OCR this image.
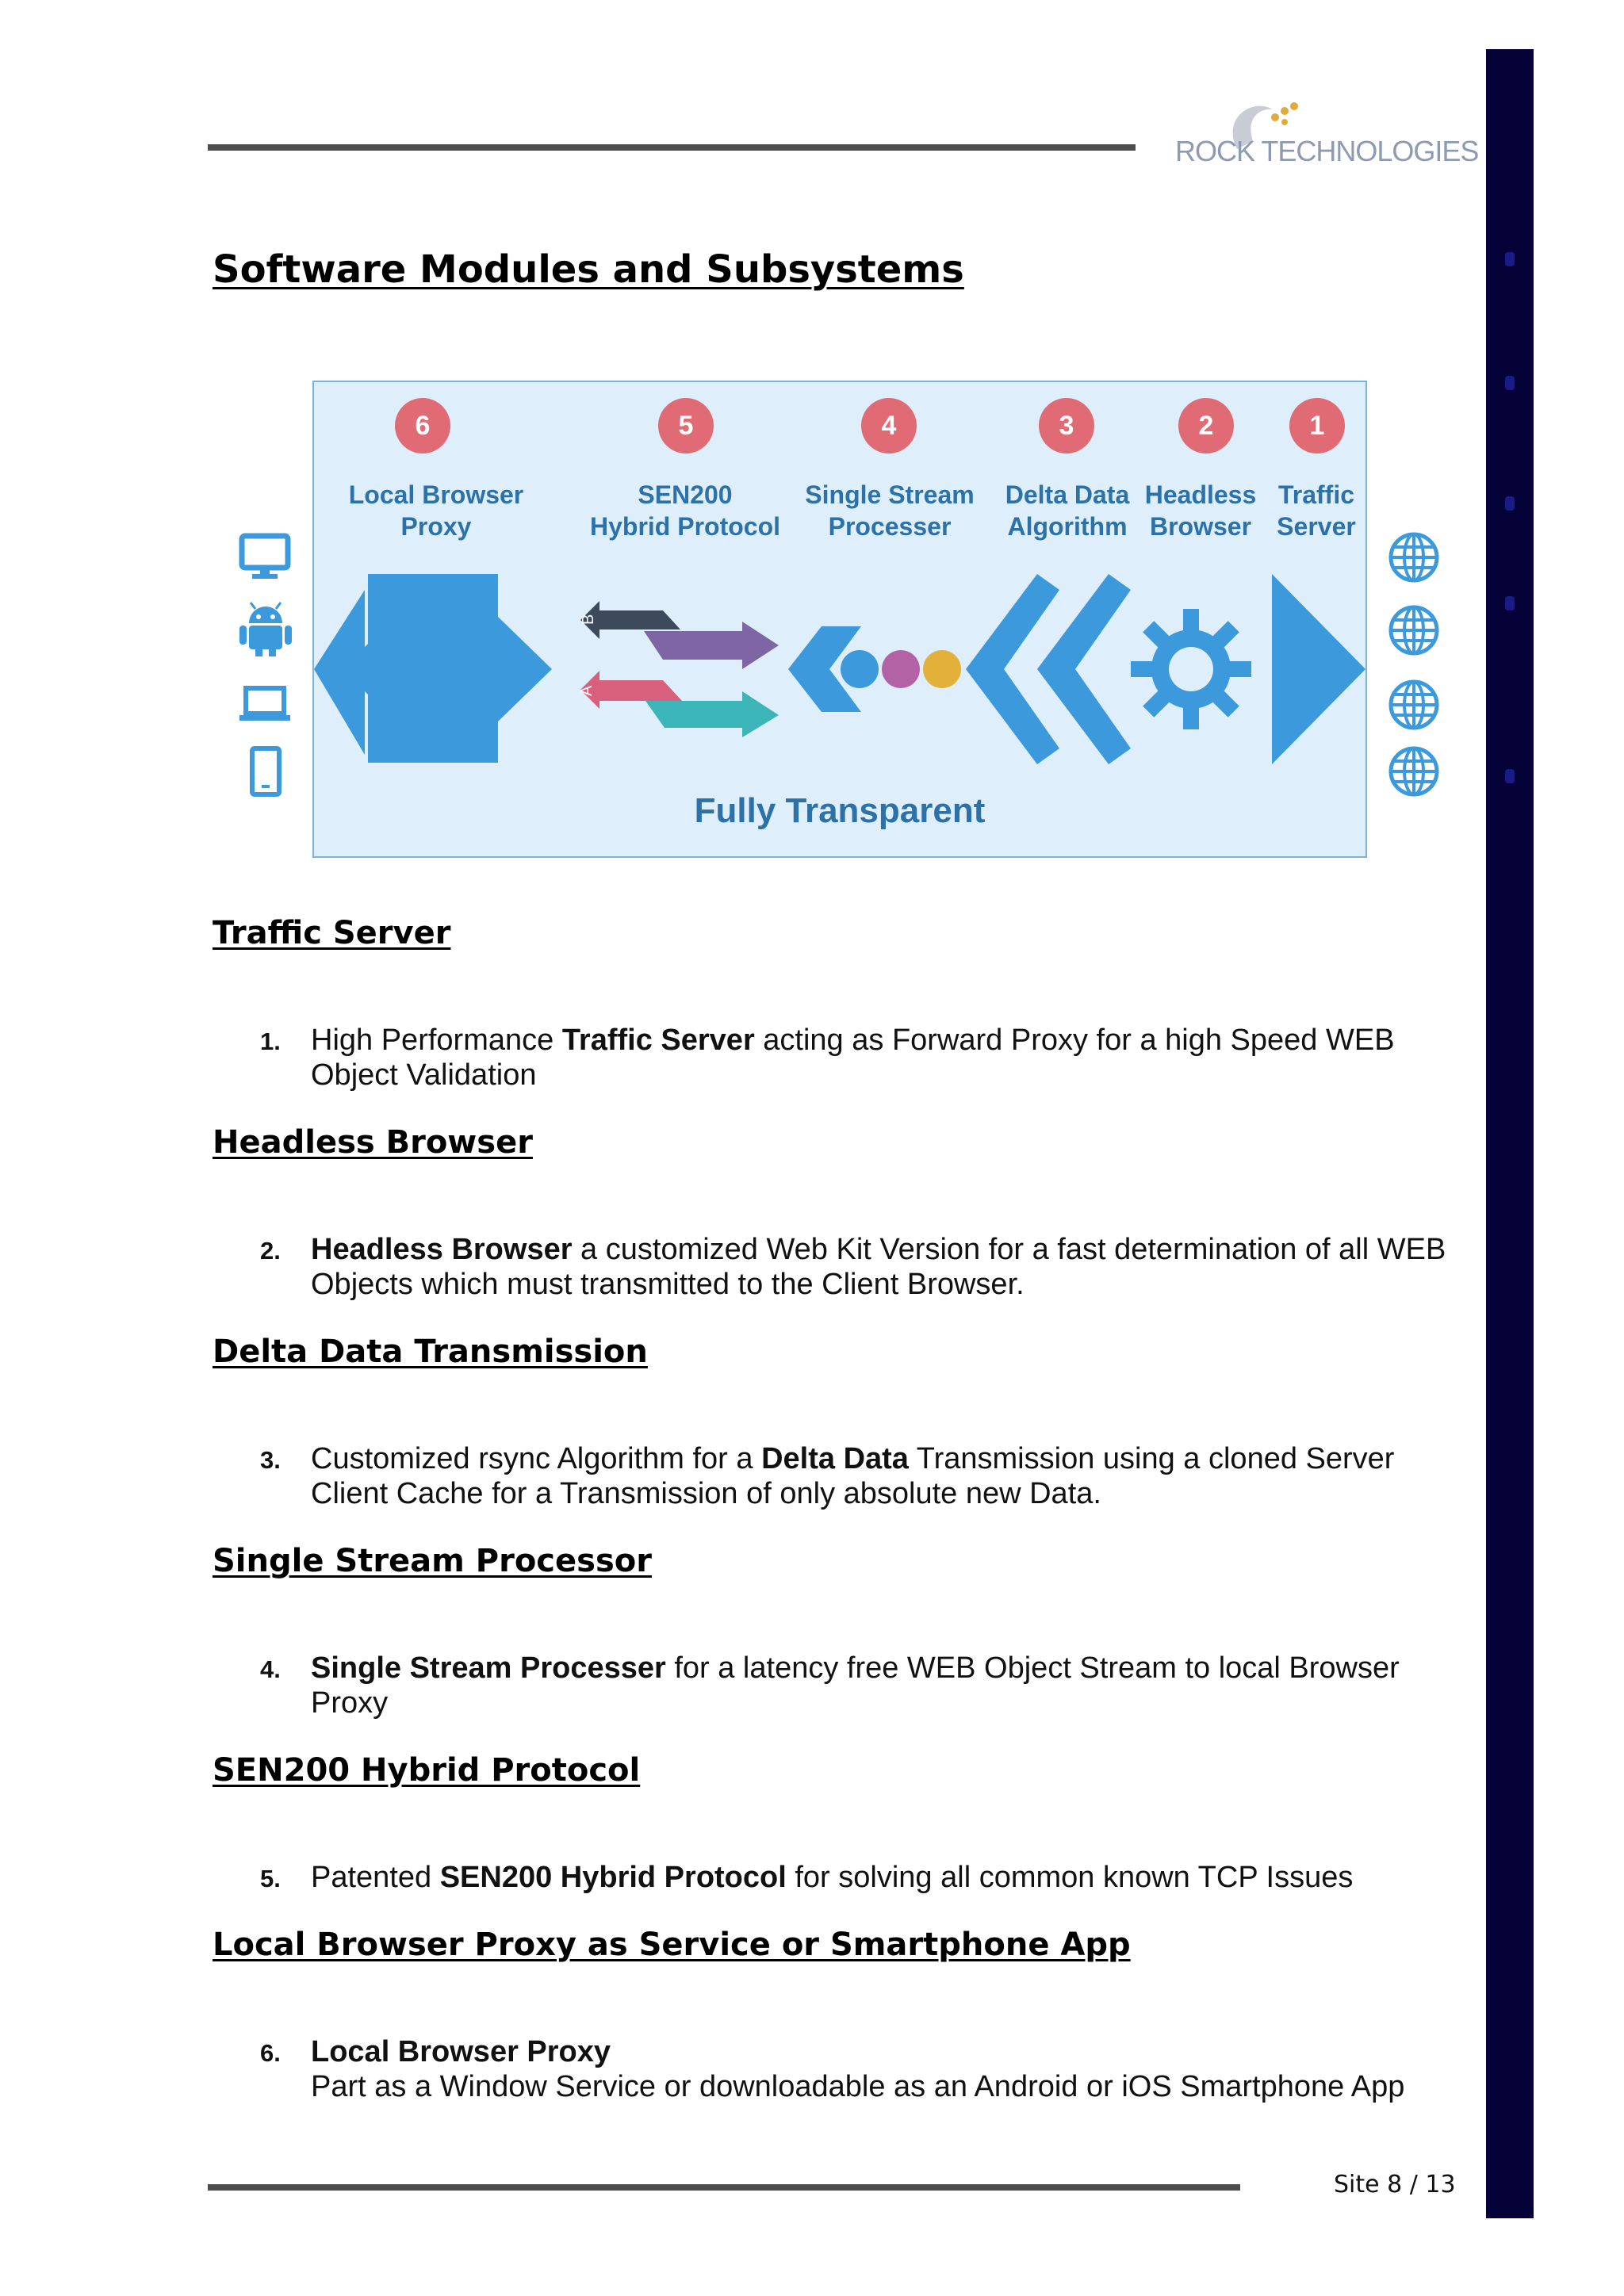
ROCK TECHNOLOGIES
Software Modules and Subsystems
B
A
6	5	4	3	2	1
Local Browser
Proxy
SEN200
Hybrid Protocol
Single Stream
Processer
Delta Data
Algorithm
Headless
Browser
Traffic
Server
Fully Transparent
Traffic Server
1. High Performance Traffic Server acting as Forward Proxy for a high Speed WEB Object Validation
Headless Browser
2. Headless Browser a customized Web Kit Version for a fast determination of all WEB Objects which must transmitted to the Client Browser.
Delta Data Transmission
3. Customized rsync Algorithm for a Delta Data Transmission using a cloned Server Client Cache for a Transmission of only absolute new Data.
Single Stream Processor
4. Single Stream Processer for a latency free WEB Object Stream to local Browser Proxy
SEN200 Hybrid Protocol
5. Patented SEN200 Hybrid Protocol for solving all common known TCP Issues
Local Browser Proxy as Service or Smartphone App
6. Local Browser Proxy
Part as a Window Service or downloadable as an Android or iOS Smartphone App
Site 8 / 13
